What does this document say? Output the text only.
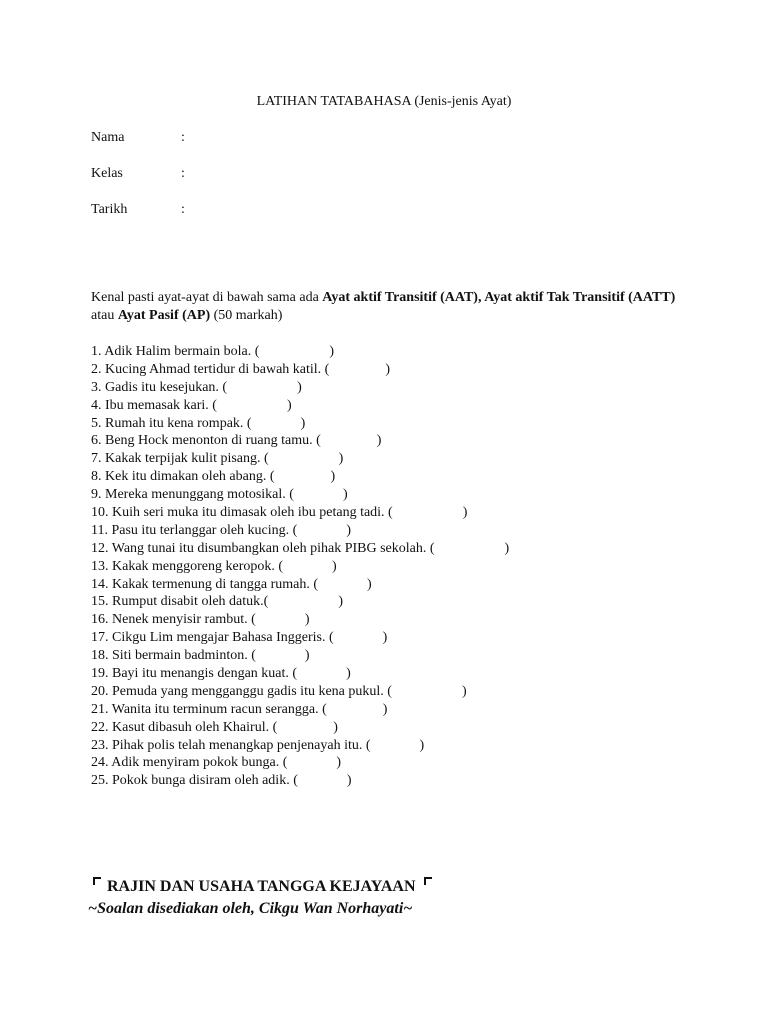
LATIHAN TATABAHASA (Jenis-jenis Ayat)
Nama	:
Kelas	:
Tarikh	:
Kenal pasti ayat-ayat di bawah sama ada Ayat aktif Transitif (AAT), Ayat aktif Tak Transitif (AATT) atau Ayat Pasif (AP) (50 markah)
1. Adik Halim bermain bola. (                    )
2. Kucing Ahmad tertidur di bawah katil. (                )
3. Gadis itu kesejukan. (                    )
4. Ibu memasak kari. (                    )
5. Rumah itu kena rompak. (              )
6. Beng Hock menonton di ruang tamu. (                )
7. Kakak terpijak kulit pisang. (                    )
8. Kek itu dimakan oleh abang. (                )
9. Mereka menunggang motosikal. (              )
10. Kuih seri muka itu dimasak oleh ibu petang tadi. (                    )
11. Pasu itu terlanggar oleh kucing. (              )
12. Wang tunai itu disumbangkan oleh pihak PIBG sekolah. (                    )
13. Kakak menggoreng keropok. (              )
14. Kakak termenung di tangga rumah. (              )
15. Rumput disabit oleh datuk.(                    )
16. Nenek menyisir rambut. (              )
17. Cikgu Lim mengajar Bahasa Inggeris. (              )
18. Siti bermain badminton. (              )
19. Bayi itu menangis dengan kuat. (              )
20. Pemuda yang mengganggu gadis itu kena pukul. (                    )
21. Wanita itu terminum racun serangga. (                )
22. Kasut dibasuh oleh Khairul. (                )
23. Pihak polis telah menangkap penjenayah itu. (              )
24. Adik menyiram pokok bunga. (              )
25. Pokok bunga disiram oleh adik. (              )
RAJIN DAN USAHA TANGGA KEJAYAAN
~Soalan disediakan oleh, Cikgu Wan Norhayati~
